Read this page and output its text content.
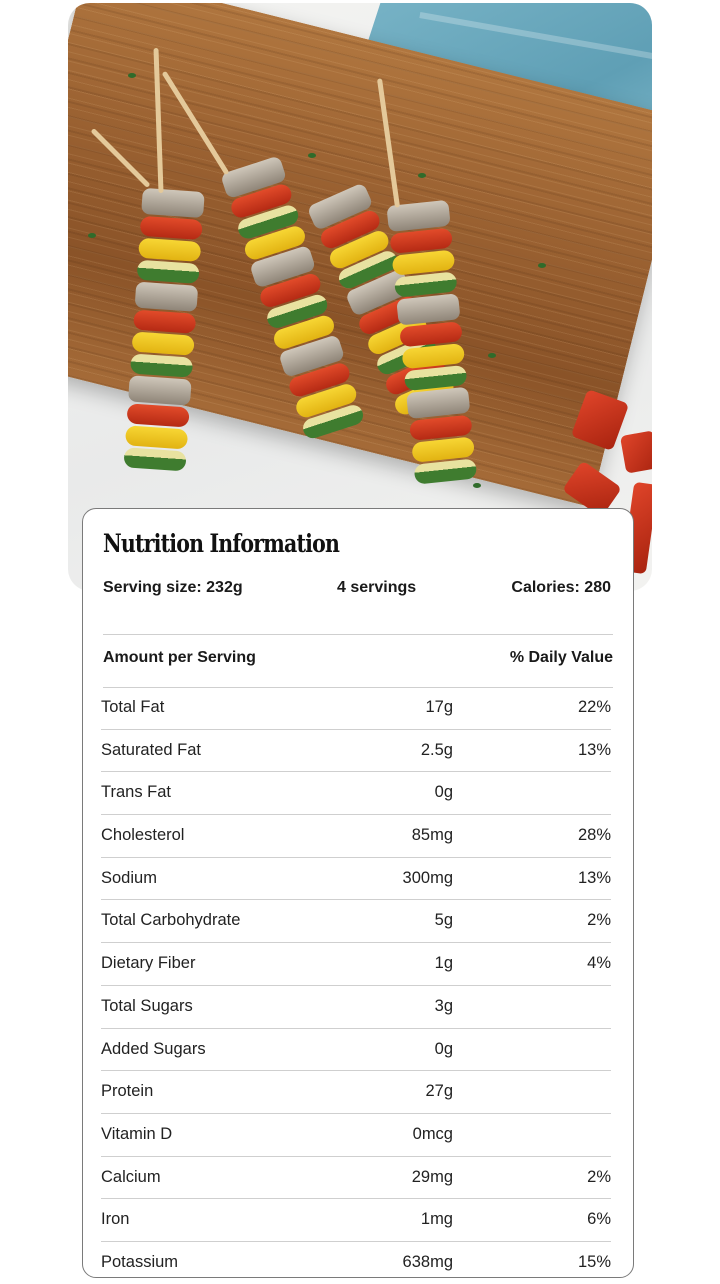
Nutrition Information
Serving size: 232g	4 servings	Calories: 280
Amount per Serving	% Daily Value
Total Fat	17g	22%
Saturated Fat	2.5g	13%
Trans Fat	0g
Cholesterol	85mg	28%
Sodium	300mg	13%
Total Carbohydrate	5g	2%
Dietary Fiber	1g	4%
Total Sugars	3g
Added Sugars	0g
Protein	27g
Vitamin D	0mcg
Calcium	29mg	2%
Iron	1mg	6%
Potassium	638mg	15%
